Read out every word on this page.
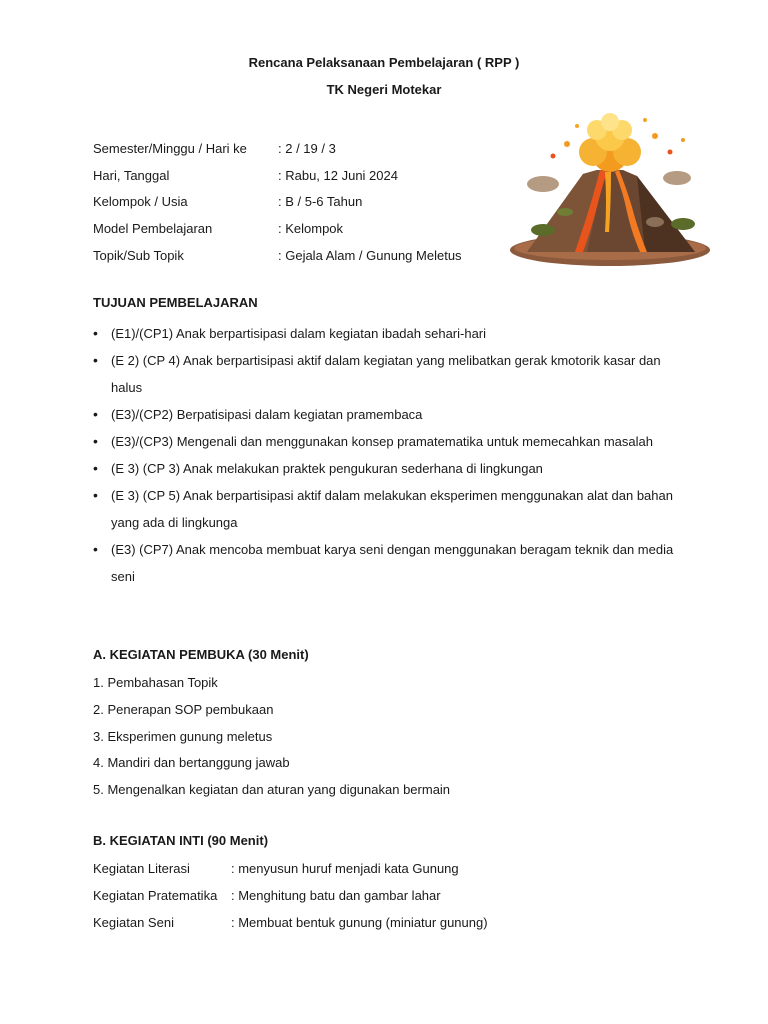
Rencana Pelaksanaan Pembelajaran ( RPP )
TK Negeri Motekar
Semester/Minggu / Hari ke	: 2 / 19 / 3
Hari, Tanggal	: Rabu, 12 Juni 2024
Kelompok / Usia	: B / 5-6 Tahun
Model Pembelajaran	: Kelompok
Topik/Sub Topik	: Gejala Alam / Gunung Meletus
TUJUAN PEMBELAJARAN
• (E1)/(CP1) Anak berpartisipasi dalam kegiatan ibadah sehari-hari
• (E 2) (CP 4) Anak berpartisipasi aktif dalam kegiatan yang melibatkan gerak kmotorik kasar dan halus
• (E3)/(CP2) Berpatisipasi dalam kegiatan pramembaca
• (E3)/(CP3) Mengenali dan menggunakan konsep pramatematika untuk memecahkan masalah
• (E 3) (CP 3) Anak melakukan praktek pengukuran sederhana di lingkungan
• (E 3) (CP 5) Anak berpartisipasi aktif dalam melakukan eksperimen menggunakan alat dan bahan yang ada di lingkunga
• (E3) (CP7) Anak mencoba membuat karya seni dengan menggunakan beragam teknik dan media seni
A. KEGIATAN PEMBUKA (30 Menit)
1. Pembahasan Topik
2. Penerapan SOP pembukaan
3. Eksperimen gunung meletus
4. Mandiri dan bertanggung jawab
5. Mengenalkan kegiatan dan aturan yang digunakan bermain
B. KEGIATAN INTI (90 Menit)
Kegiatan Literasi	: menyusun huruf menjadi kata Gunung
Kegiatan Pratematika	: Menghitung batu dan gambar lahar
Kegiatan Seni	: Membuat bentuk gunung (miniatur gunung)
